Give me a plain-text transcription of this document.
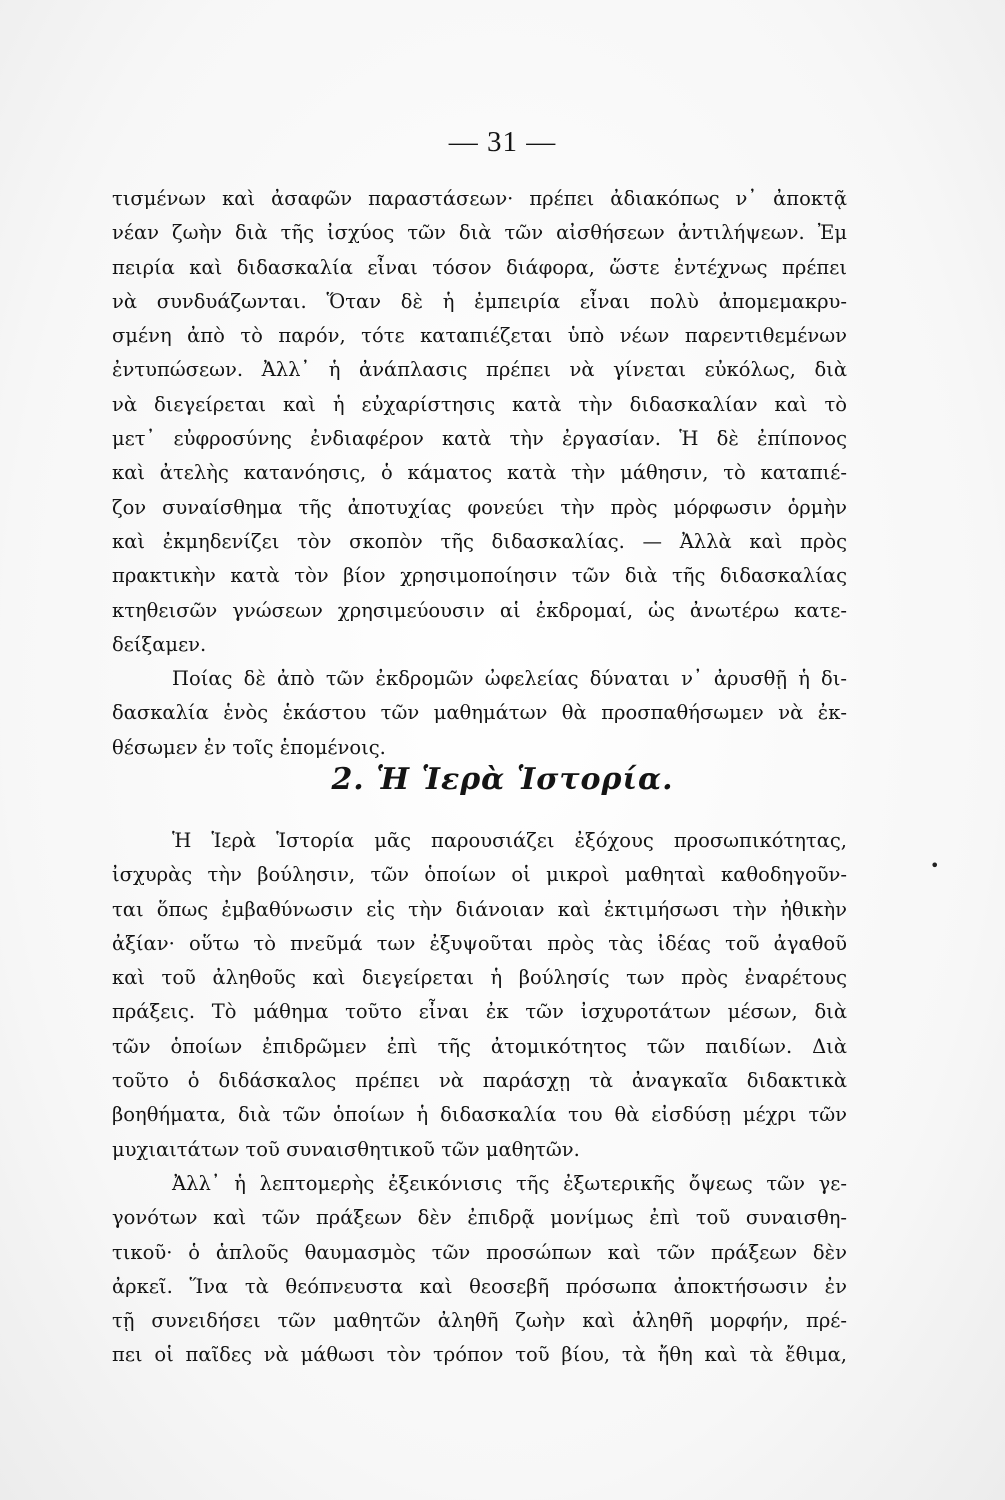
— 31 —
τισμένων καὶ ἀσαφῶν παραστάσεων· πρέπει ἀδιακόπως ν᾽ ἀποκτᾷ
νέαν ζωὴν διὰ τῆς ἰσχύος τῶν διὰ τῶν αἰσθήσεων ἀντιλήψεων. Ἐμ
πειρία καὶ διδασκαλία εἶναι τόσον διάφορα, ὥστε ἐντέχνως πρέπει
νὰ συνδυάζωνται. Ὅταν δὲ ἡ ἐμπειρία εἶναι πολὺ ἀπομεμακρυ-
σμένη ἀπὸ τὸ παρόν, τότε καταπιέζεται ὑπὸ νέων παρεντιθεμένων
ἐντυπώσεων. Ἀλλ᾽ ἡ ἀνάπλασις πρέπει νὰ γίνεται εὐκόλως, διὰ
νὰ διεγείρεται καὶ ἡ εὐχαρίστησις κατὰ τὴν διδασκαλίαν καὶ τὸ
μετ᾽ εὐφροσύνης ἐνδιαφέρον κατὰ τὴν ἐργασίαν. Ἡ δὲ ἐπίπονος
καὶ ἀτελὴς κατανόησις, ὁ κάματος κατὰ τὴν μάθησιν, τὸ καταπιέ-
ζον συναίσθημα τῆς ἀποτυχίας φονεύει τὴν πρὸς μόρφωσιν ὁρμὴν
καὶ ἐκμηδενίζει τὸν σκοπὸν τῆς διδασκαλίας. — Ἀλλὰ καὶ πρὸς
πρακτικὴν κατὰ τὸν βίον χρησιμοποίησιν τῶν διὰ τῆς διδασκαλίας
κτηθεισῶν γνώσεων χρησιμεύουσιν αἱ ἐκδρομαί, ὡς ἀνωτέρω κατε-
δείξαμεν.
Ποίας δὲ ἀπὸ τῶν ἐκδρομῶν ὠφελείας δύναται ν᾽ ἀρυσθῇ ἡ δι-
δασκαλία ἑνὸς ἑκάστου τῶν μαθημάτων θὰ προσπαθήσωμεν νὰ ἐκ-
θέσωμεν ἐν τοῖς ἑπομένοις.
2. Ἡ Ἱερὰ Ἱστορία.
Ἡ Ἱερὰ Ἱστορία μᾶς παρουσιάζει ἐξόχους προσωπικότητας,
ἰσχυρὰς τὴν βούλησιν, τῶν ὁποίων οἱ μικροὶ μαθηταὶ καθοδηγοῦν-
ται ὅπως ἐμβαθύνωσιν εἰς τὴν διάνοιαν καὶ ἐκτιμήσωσι τὴν ἠθικὴν
ἀξίαν· οὕτω τὸ πνεῦμά των ἐξυψοῦται πρὸς τὰς ἰδέας τοῦ ἀγαθοῦ
καὶ τοῦ ἀληθοῦς καὶ διεγείρεται ἡ βούλησίς των πρὸς ἐναρέτους
πράξεις. Τὸ μάθημα τοῦτο εἶναι ἐκ τῶν ἰσχυροτάτων μέσων, διὰ
τῶν ὁποίων ἐπιδρῶμεν ἐπὶ τῆς ἀτομικότητος τῶν παιδίων. Διὰ
τοῦτο ὁ διδάσκαλος πρέπει νὰ παράσχῃ τὰ ἀναγκαῖα διδακτικὰ
βοηθήματα, διὰ τῶν ὁποίων ἡ διδασκαλία του θὰ εἰσδύσῃ μέχρι τῶν
μυχιαιτάτων τοῦ συναισθητικοῦ τῶν μαθητῶν.
Ἀλλ᾽ ἡ λεπτομερὴς ἐξεικόνισις τῆς ἐξωτερικῆς ὄψεως τῶν γε-
γονότων καὶ τῶν πράξεων δὲν ἐπιδρᾷ μονίμως ἐπὶ τοῦ συναισθη-
τικοῦ· ὁ ἁπλοῦς θαυμασμὸς τῶν προσώπων καὶ τῶν πράξεων δὲν
ἀρκεῖ. Ἵνα τὰ θεόπνευστα καὶ θεοσεβῆ πρόσωπα ἀποκτήσωσιν ἐν
τῇ συνειδήσει τῶν μαθητῶν ἀληθῆ ζωὴν καὶ ἀληθῆ μορφήν, πρέ-
πει οἱ παῖδες νὰ μάθωσι τὸν τρόπον τοῦ βίου, τὰ ἤθη καὶ τὰ ἔθιμα,
•
